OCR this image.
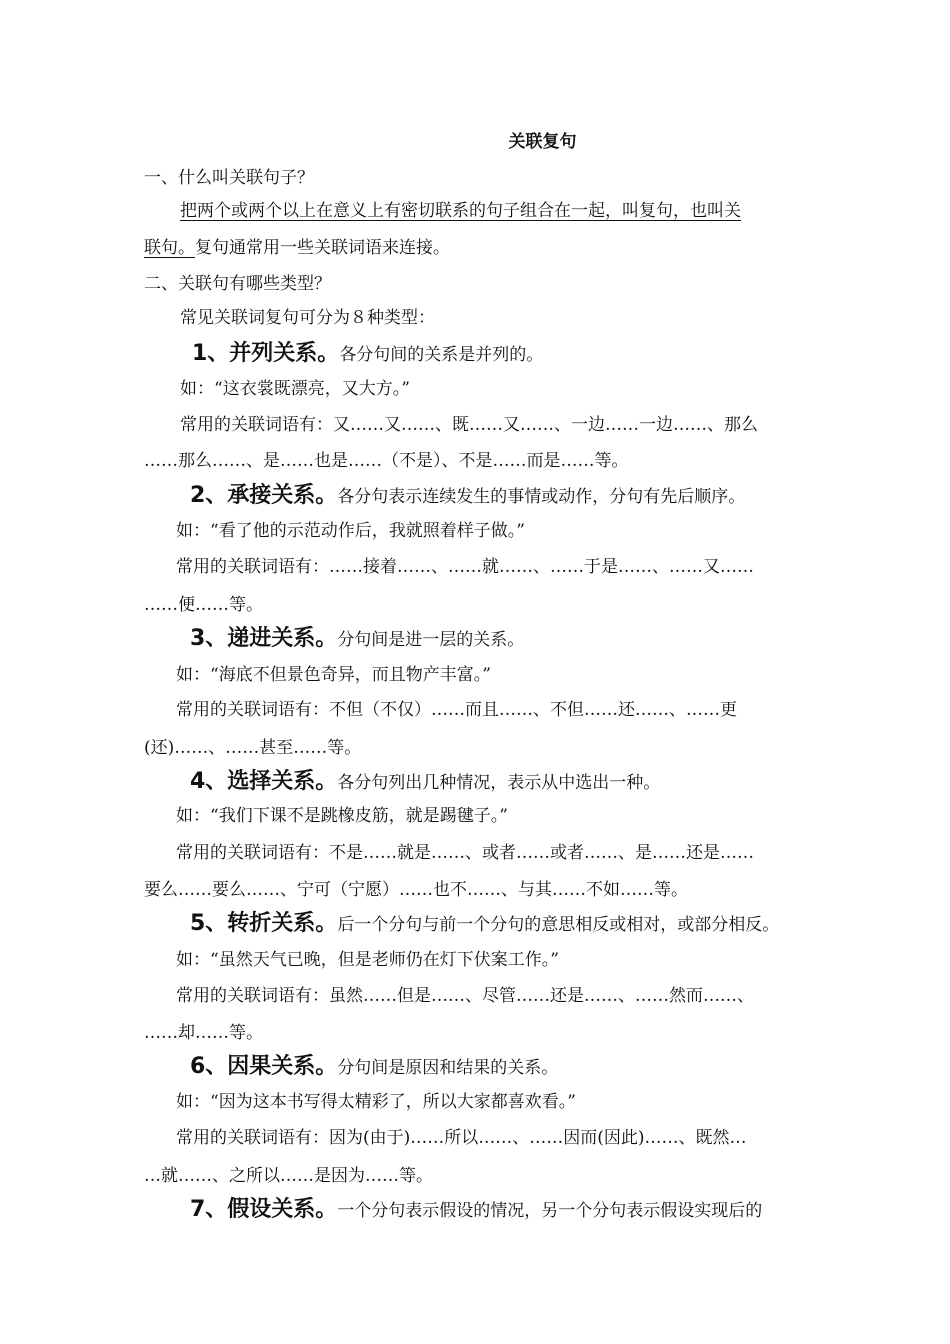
关联复句
一、什么叫关联句子？
把两个或两个以上在意义上有密切联系的句子组合在一起，叫复句，也叫关
联句。复句通常用一些关联词语来连接。
二、关联句有哪些类型？
常见关联词复句可分为８种类型：
1、并列关系。各分句间的关系是并列的。
如：“这衣裳既漂亮，又大方。”
常用的关联词语有：又……又……、既……又……、一边……一边……、那么
……那么……、是……也是……（不是）、不是……而是……等。
2、承接关系。各分句表示连续发生的事情或动作，分句有先后顺序。
如：“看了他的示范动作后，我就照着样子做。”
常用的关联词语有：……接着……、……就……、……于是……、……又……
……便……等。
3、递进关系。分句间是进一层的关系。
如：“海底不但景色奇异，而且物产丰富。”
常用的关联词语有：不但（不仅）……而且……、不但……还……、……更
(还)……、……甚至……等。
4、选择关系。各分句列出几种情况，表示从中选出一种。
如：“我们下课不是跳橡皮筋，就是踢毽子。”
常用的关联词语有：不是……就是……、或者……或者……、是……还是……
要么……要么……、宁可（宁愿）……也不……、与其……不如……等。
5、转折关系。后一个分句与前一个分句的意思相反或相对，或部分相反。
如：“虽然天气已晚，但是老师仍在灯下伏案工作。”
常用的关联词语有：虽然……但是……、尽管……还是……、……然而……、
……却……等。
6、因果关系。分句间是原因和结果的关系。
如：“因为这本书写得太精彩了，所以大家都喜欢看。”
常用的关联词语有：因为(由于)……所以……、……因而(因此)……、既然…
…就……、之所以……是因为……等。
7、假设关系。一个分句表示假设的情况，另一个分句表示假设实现后的
